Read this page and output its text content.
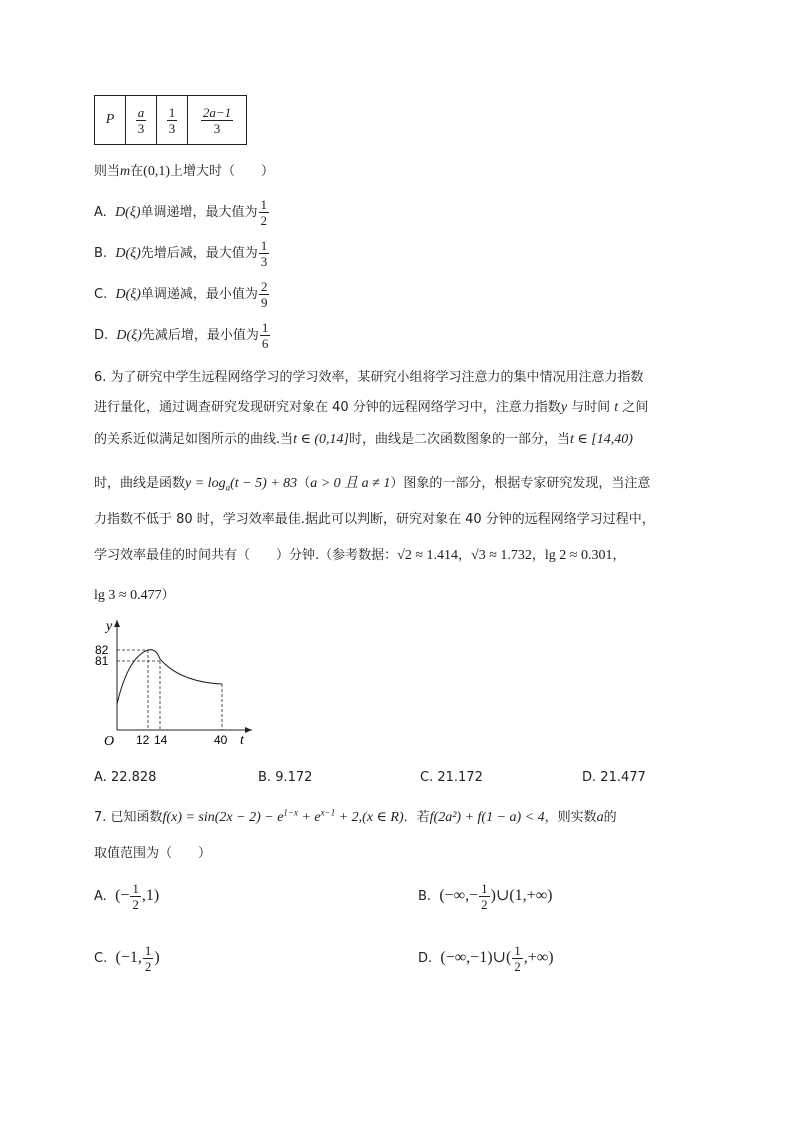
P	$\frac{a}{3}$	$\frac{1}{3}$	$\frac{2a-1}{3}$
则当m在(0,1)上增大时（　　）
A. D(ξ)单调递增，最大值为 $\frac{1}{2}$
B. D(ξ)先增后减，最大值为 $\frac{1}{3}$
C. D(ξ)单调递减，最小值为 $\frac{2}{9}$
D. D(ξ)先减后增，最小值为 $\frac{1}{6}$
6. 为了研究中学生远程网络学习的学习效率，某研究小组将学习注意力的集中情况用注意力指数
进行量化，通过调查研究发现研究对象在 40 分钟的远程网络学习中，注意力指数y 与时间 t 之间
的关系近似满足如图所示的曲线.当t ∈ (0,14]时，曲线是二次函数图象的一部分，当t ∈ [14,40)
时，曲线是函数$y = \log_a(t - 5) + 83(a > 0$ 且 a ≠ 1）图象的一部分，根据专家研究发现，当注意
力指数不低于 80 时，学习效率最佳.据此可以判断，研究对象在 40 分钟的远程网络学习过程中，
学习效率最佳的时间共有（　　）分钟.（参考数据：√2 ≈ 1.414，√3 ≈ 1.732，lg 2 ≈ 0.301，
lg 3 ≈ 0.477）
y
82
81
O 12 14	40 t
A. 22.828	B. 9.172	C. 21.172	D. 21.477
7. 已知函数$f(x) = \sin(2x - 2) - e^{1-x} + e^{x-1} + 2,(x$ ∈ R)．若f(2a²) + f(1 − a) < 4，则实数a的
取值范围为（　　）
A. (− $\frac{1}{2} ,1$)	B. (−∞,− $\frac{1}{2}$ )∪(1,+∞)
C. (−1, $\frac{1}{2}$ )	D. (−∞,−1)∪( $\frac{1}{2}$ ,+∞)
